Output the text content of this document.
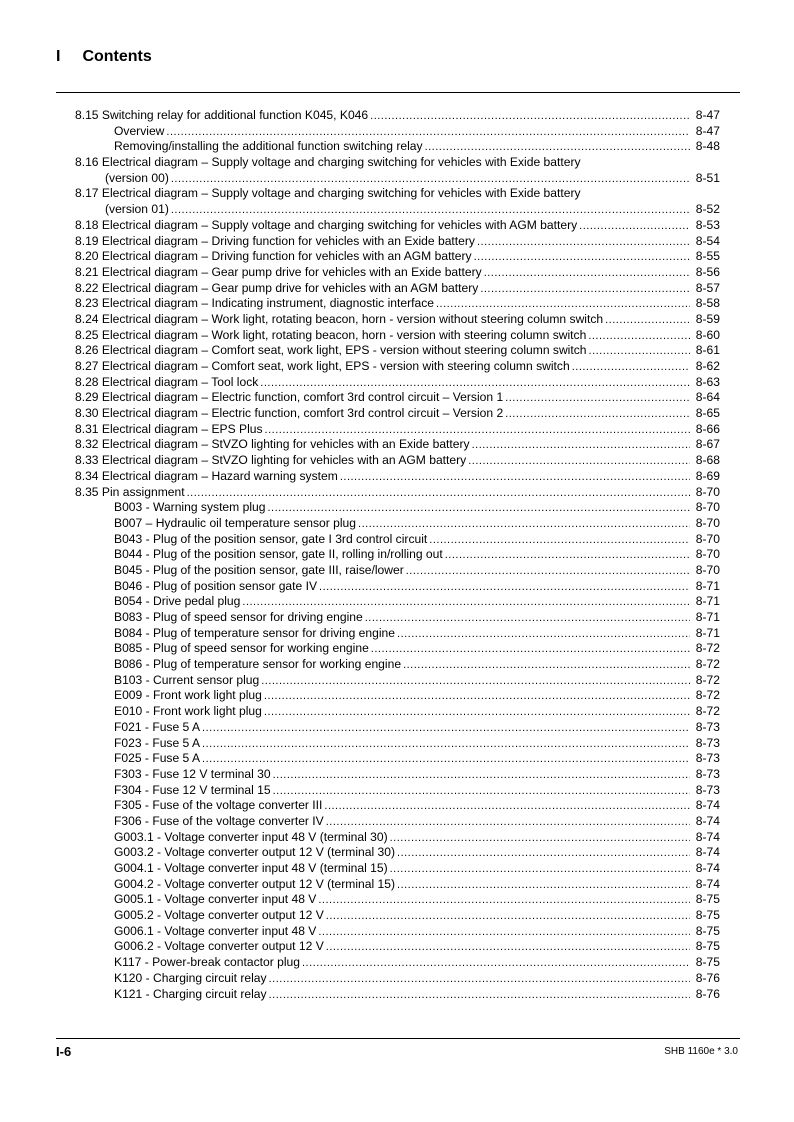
I Contents
8.15 Switching relay for additional function K045, K046 .....	8-47
Overview .....	8-47
Removing/installing the additional function switching relay .....	8-48
8.16 Electrical diagram – Supply voltage and charging switching for vehicles with Exide battery
(version 00) .....	8-51
8.17 Electrical diagram – Supply voltage and charging switching for vehicles with Exide battery
(version 01) .....	8-52
8.18 Electrical diagram – Supply voltage and charging switching for vehicles with AGM battery .....	8-53
8.19 Electrical diagram – Driving function for vehicles with an Exide battery .....	8-54
8.20 Electrical diagram – Driving function for vehicles with an AGM battery .....	8-55
8.21 Electrical diagram – Gear pump drive for vehicles with an Exide battery .....	8-56
8.22 Electrical diagram – Gear pump drive for vehicles with an AGM battery .....	8-57
8.23 Electrical diagram – Indicating instrument, diagnostic interface .....	8-58
8.24 Electrical diagram – Work light, rotating beacon, horn - version without steering column switch .....	8-59
8.25 Electrical diagram – Work light, rotating beacon, horn - version with steering column switch .....	8-60
8.26 Electrical diagram – Comfort seat, work light, EPS - version without steering column switch .....	8-61
8.27 Electrical diagram – Comfort seat, work light, EPS - version with steering column switch .....	8-62
8.28 Electrical diagram – Tool lock .....	8-63
8.29 Electrical diagram – Electric function, comfort 3rd control circuit – Version 1 .....	8-64
8.30 Electrical diagram – Electric function, comfort 3rd control circuit – Version 2 .....	8-65
8.31 Electrical diagram – EPS Plus .....	8-66
8.32 Electrical diagram – StVZO lighting for vehicles with an Exide battery .....	8-67
8.33 Electrical diagram – StVZO lighting for vehicles with an AGM battery .....	8-68
8.34 Electrical diagram – Hazard warning system .....	8-69
8.35 Pin assignment .....	8-70
B003 - Warning system plug .....	8-70
B007 – Hydraulic oil temperature sensor plug .....	8-70
B043 - Plug of the position sensor, gate I 3rd control circuit .....	8-70
B044 - Plug of the position sensor, gate II, rolling in/rolling out .....	8-70
B045 - Plug of the position sensor, gate III, raise/lower .....	8-70
B046 - Plug of position sensor gate IV .....	8-71
B054 - Drive pedal plug .....	8-71
B083 - Plug of speed sensor for driving engine .....	8-71
B084 - Plug of temperature sensor for driving engine .....	8-71
B085 - Plug of speed sensor for working engine .....	8-72
B086 - Plug of temperature sensor for working engine .....	8-72
B103 - Current sensor plug .....	8-72
E009 - Front work light plug .....	8-72
E010 - Front work light plug .....	8-72
F021 - Fuse 5 A .....	8-73
F023 - Fuse 5 A .....	8-73
F025 - Fuse 5 A .....	8-73
F303 - Fuse 12 V terminal 30 .....	8-73
F304 - Fuse 12 V terminal 15 .....	8-73
F305 - Fuse of the voltage converter III .....	8-74
F306 - Fuse of the voltage converter IV .....	8-74
G003.1 - Voltage converter input 48 V (terminal 30) .....	8-74
G003.2 - Voltage converter output 12 V (terminal 30) .....	8-74
G004.1 - Voltage converter input 48 V (terminal 15) .....	8-74
G004.2 - Voltage converter output 12 V (terminal 15) .....	8-74
G005.1 - Voltage converter input 48 V .....	8-75
G005.2 - Voltage converter output 12 V .....	8-75
G006.1 - Voltage converter input 48 V .....	8-75
G006.2 - Voltage converter output 12 V .....	8-75
K117 - Power-break contactor plug .....	8-75
K120 - Charging circuit relay .....	8-76
K121 - Charging circuit relay .....	8-76
I-6	SHB 1160e * 3.0
